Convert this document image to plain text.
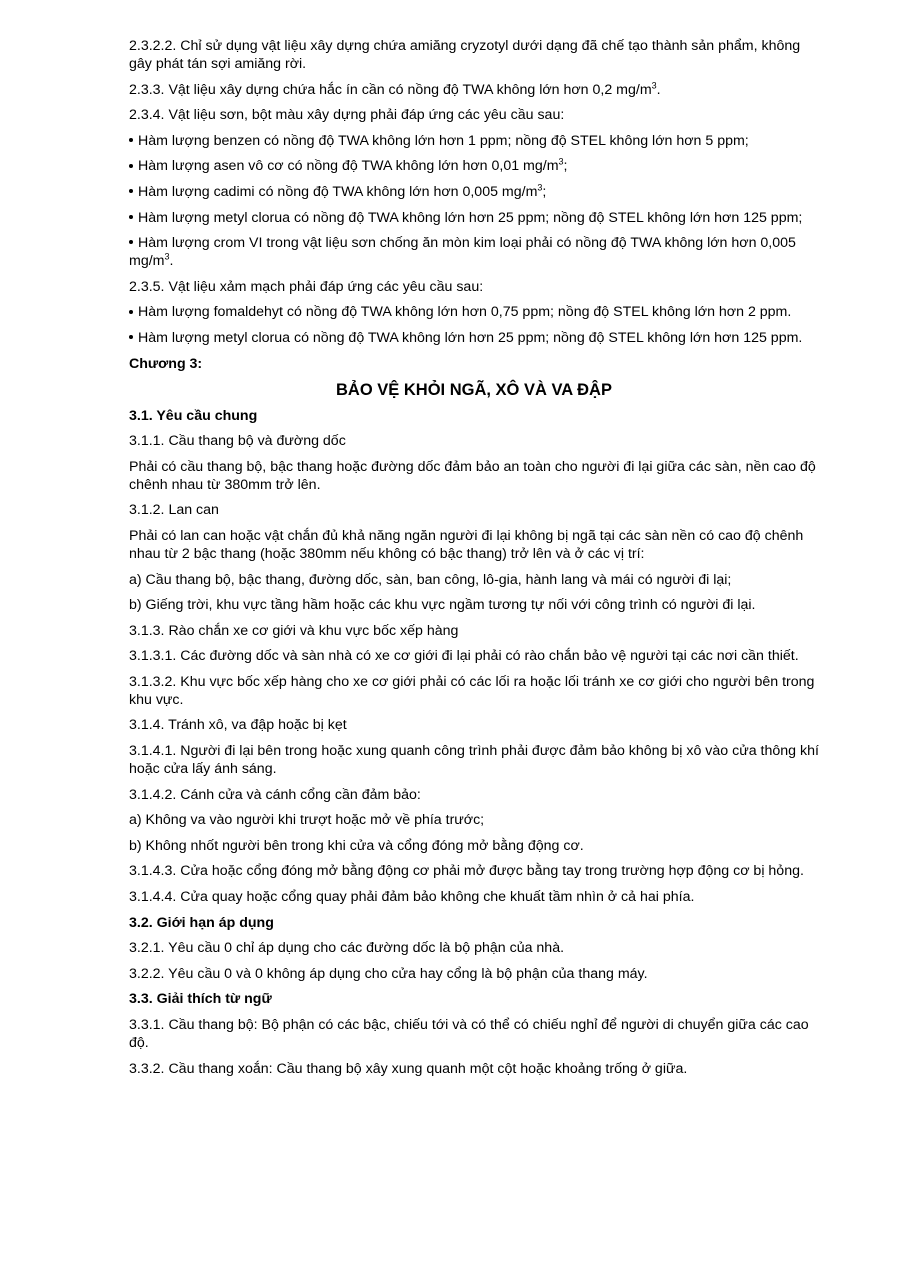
2.3.2.2. Chỉ sử dụng vật liệu xây dựng chứa amiăng cryzotyl dưới dạng đã chế tạo thành sản phẩm, không gây phát tán sợi amiăng rời.

2.3.3. Vật liệu xây dựng chứa hắc ín cần có nồng độ TWA không lớn hơn 0,2 $mg/m^3$.

2.3.4. Vật liệu sơn, bột màu xây dựng phải đáp ứng các yêu cầu sau:

Hàm lượng benzen có nồng độ TWA không lớn hơn 1 ppm; nồng độ STEL không lớn hơn 5 ppm;

Hàm lượng asen vô cơ có nồng độ TWA không lớn hơn 0,01 $mg/m^3$;

Hàm lượng cadimi có nồng độ TWA không lớn hơn 0,005 $mg/m^3$;

Hàm lượng metyl clorua có nồng độ TWA không lớn hơn 25 ppm; nồng độ STEL không lớn hơn 125 ppm;

Hàm lượng crom VI trong vật liệu sơn chống ăn mòn kim loại phải có nồng độ TWA không lớn hơn 0,005 $mg/m^3$.

2.3.5. Vật liệu xảm mạch phải đáp ứng các yêu cầu sau:

Hàm lượng fomaldehyt có nồng độ TWA không lớn hơn 0,75 ppm; nồng độ STEL không lớn hơn 2 ppm.

Hàm lượng metyl clorua có nồng độ TWA không lớn hơn 25 ppm; nồng độ STEL không lớn hơn 125 ppm.

Chương 3:

BẢO VỆ KHỎI NGÃ, XÔ VÀ VA ĐẬP

3.1. Yêu cầu chung

3.1.1. Cầu thang bộ và đường dốc

Phải có cầu thang bộ, bậc thang hoặc đường dốc đảm bảo an toàn cho người đi lại giữa các sàn, nền cao độ chênh nhau từ 380mm trở lên.

3.1.2. Lan can

Phải có lan can hoặc vật chắn đủ khả năng ngăn người đi lại không bị ngã tại các sàn nền có cao độ chênh nhau từ 2 bậc thang (hoặc 380mm nếu không có bậc thang) trở lên và ở các vị trí:

a) Cầu thang bộ, bậc thang, đường dốc, sàn, ban công, lô-gia, hành lang và mái có người đi lại;

b) Giếng trời, khu vực tầng hầm hoặc các khu vực ngầm tương tự nối với công trình có người đi lại.

3.1.3. Rào chắn xe cơ giới và khu vực bốc xếp hàng

3.1.3.1. Các đường dốc và sàn nhà có xe cơ giới đi lại phải có rào chắn bảo vệ người tại các nơi cần thiết.

3.1.3.2. Khu vực bốc xếp hàng cho xe cơ giới phải có các lối ra hoặc lối tránh xe cơ giới cho người bên trong khu vực.

3.1.4. Tránh xô, va đập hoặc bị kẹt

3.1.4.1. Người đi lại bên trong hoặc xung quanh công trình phải được đảm bảo không bị xô vào cửa thông khí hoặc cửa lấy ánh sáng.

3.1.4.2. Cánh cửa và cánh cổng cần đảm bảo:

a) Không va vào người khi trượt hoặc mở về phía trước;

b) Không nhốt người bên trong khi cửa và cổng đóng mở bằng động cơ.

3.1.4.3. Cửa hoặc cổng đóng mở bằng động cơ phải mở được bằng tay trong trường hợp động cơ bị hỏng.

3.1.4.4. Cửa quay hoặc cổng quay phải đảm bảo không che khuất tầm nhìn ở cả hai phía.

3.2. Giới hạn áp dụng

3.2.1. Yêu cầu 0 chỉ áp dụng cho các đường dốc là bộ phận của nhà.

3.2.2. Yêu cầu 0 và 0 không áp dụng cho cửa hay cổng là bộ phận của thang máy.

3.3. Giải thích từ ngữ

3.3.1. Cầu thang bộ: Bộ phận có các bậc, chiếu tới và có thể có chiếu nghỉ để người di chuyển giữa các cao độ.

3.3.2. Cầu thang xoắn: Cầu thang bộ xây xung quanh một cột hoặc khoảng trống ở giữa.
